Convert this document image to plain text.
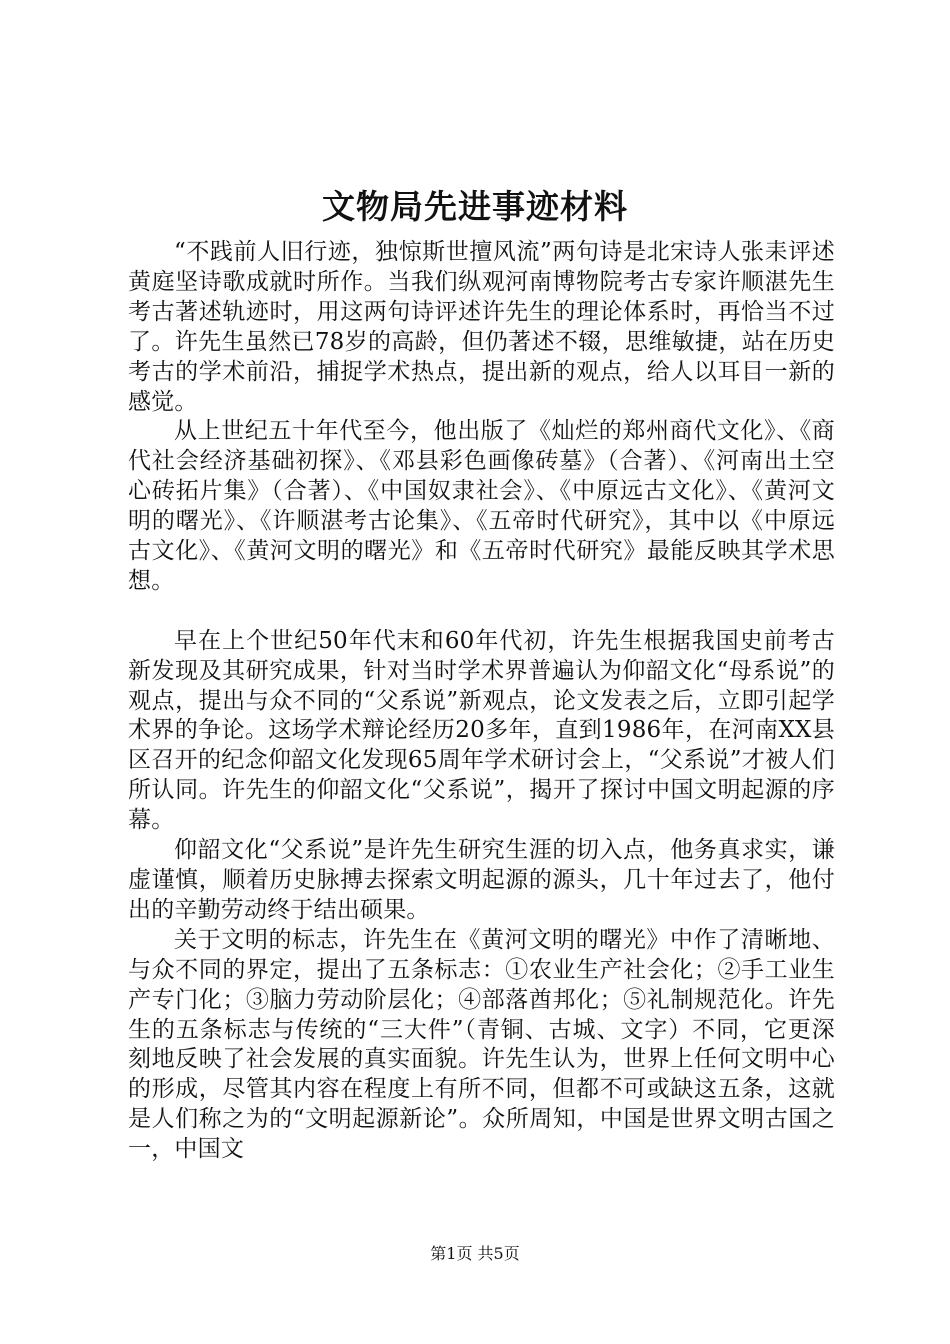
文物局先进事迹材料

“不践前人旧行迹，独惊斯世擅风流”两句诗是北宋诗人张耒评述黄庭坚诗歌成就时所作。当我们纵观河南博物院考古专家许顺湛先生考古著述轨迹时，用这两句诗评述许先生的理论体系时，再恰当不过了。许先生虽然已78岁的高龄，但仍著述不辍，思维敏捷，站在历史考古的学术前沿，捕捉学术热点，提出新的观点，给人以耳目一新的感觉。

从上世纪五十年代至今，他出版了《灿烂的郑州商代文化》、《商代社会经济基础初探》、《邓县彩色画像砖墓》（合著）、《河南出土空心砖拓片集》（合著）、《中国奴隶社会》、《中原远古文化》、《黄河文明的曙光》、《许顺湛考古论集》、《五帝时代研究》，其中以《中原远古文化》、《黄河文明的曙光》和《五帝时代研究》最能反映其学术思想。

早在上个世纪50年代末和60年代初，许先生根据我国史前考古新发现及其研究成果，针对当时学术界普遍认为仰韶文化“母系说”的观点，提出与众不同的“父系说”新观点，论文发表之后，立即引起学术界的争论。这场学术辩论经历20多年，直到1986年，在河南XX县区召开的纪念仰韶文化发现65周年学术研讨会上，“父系说”才被人们所认同。许先生的仰韶文化“父系说”，揭开了探讨中国文明起源的序幕。

仰韶文化“父系说”是许先生研究生涯的切入点，他务真求实，谦虚谨慎，顺着历史脉搏去探索文明起源的源头，几十年过去了，他付出的辛勤劳动终于结出硕果。

关于文明的标志，许先生在《黄河文明的曙光》中作了清晰地、与众不同的界定，提出了五条标志：①农业生产社会化；②手工业生产专门化；③脑力劳动阶层化；④部落酋邦化；⑤礼制规范化。许先生的五条标志与传统的“三大件”（青铜、古城、文字）不同，它更深刻地反映了社会发展的真实面貌。许先生认为，世界上任何文明中心的形成，尽管其内容在程度上有所不同，但都不可或缺这五条，这就是人们称之为的“文明起源新论”。众所周知，中国是世界文明古国之一，中国文

第1页 共5页
